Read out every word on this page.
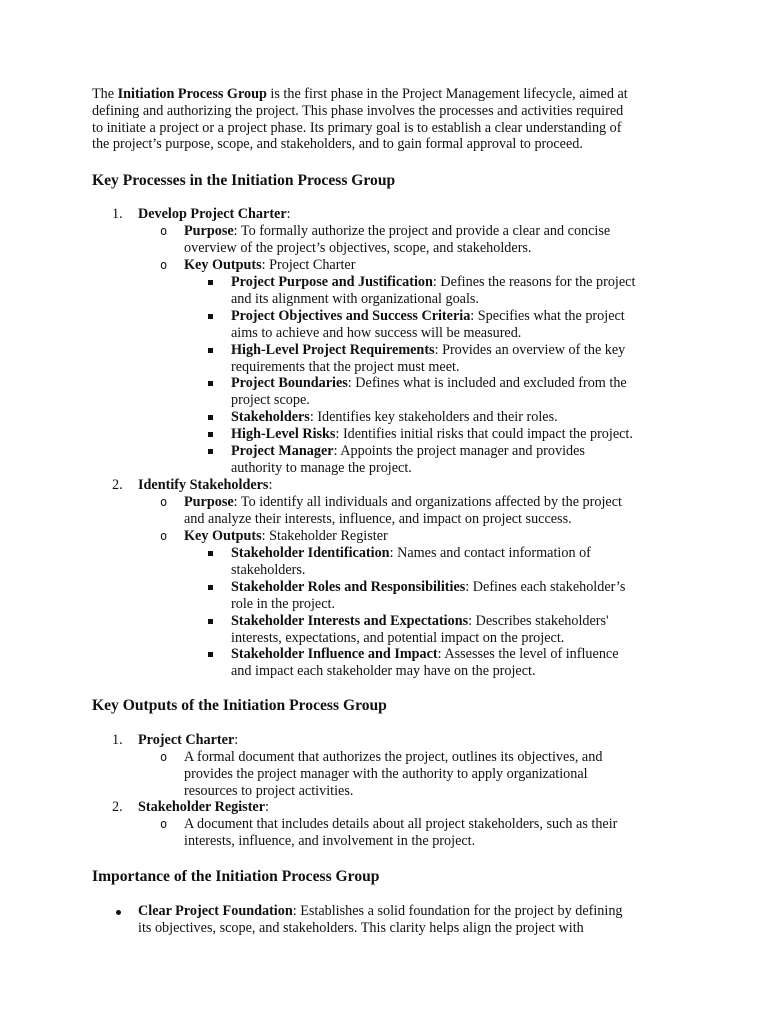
The Initiation Process Group is the first phase in the Project Management lifecycle, aimed at
defining and authorizing the project. This phase involves the processes and activities required
to initiate a project or a project phase. Its primary goal is to establish a clear understanding of
the project’s purpose, scope, and stakeholders, and to gain formal approval to proceed.

Key Processes in the Initiation Process Group
1. Develop Project Charter:
o Purpose: To formally authorize the project and provide a clear and concise
overview of the project’s objectives, scope, and stakeholders.
o Key Outputs: Project Charter
Project Purpose and Justification: Defines the reasons for the project
and its alignment with organizational goals.
Project Objectives and Success Criteria: Specifies what the project
aims to achieve and how success will be measured.
High-Level Project Requirements: Provides an overview of the key
requirements that the project must meet.
Project Boundaries: Defines what is included and excluded from the
project scope.
Stakeholders: Identifies key stakeholders and their roles.
High-Level Risks: Identifies initial risks that could impact the project.
Project Manager: Appoints the project manager and provides
authority to manage the project.
2. Identify Stakeholders:
o Purpose: To identify all individuals and organizations affected by the project
and analyze their interests, influence, and impact on project success.
o Key Outputs: Stakeholder Register
Stakeholder Identification: Names and contact information of
stakeholders.
Stakeholder Roles and Responsibilities: Defines each stakeholder’s
role in the project.
Stakeholder Interests and Expectations: Describes stakeholders'
interests, expectations, and potential impact on the project.
Stakeholder Influence and Impact: Assesses the level of influence
and impact each stakeholder may have on the project.
Key Outputs of the Initiation Process Group
1. Project Charter:
o A formal document that authorizes the project, outlines its objectives, and
provides the project manager with the authority to apply organizational
resources to project activities.
2. Stakeholder Register:
o A document that includes details about all project stakeholders, such as their
interests, influence, and involvement in the project.
Importance of the Initiation Process Group
Clear Project Foundation: Establishes a solid foundation for the project by defining
its objectives, scope, and stakeholders. This clarity helps align the project with
